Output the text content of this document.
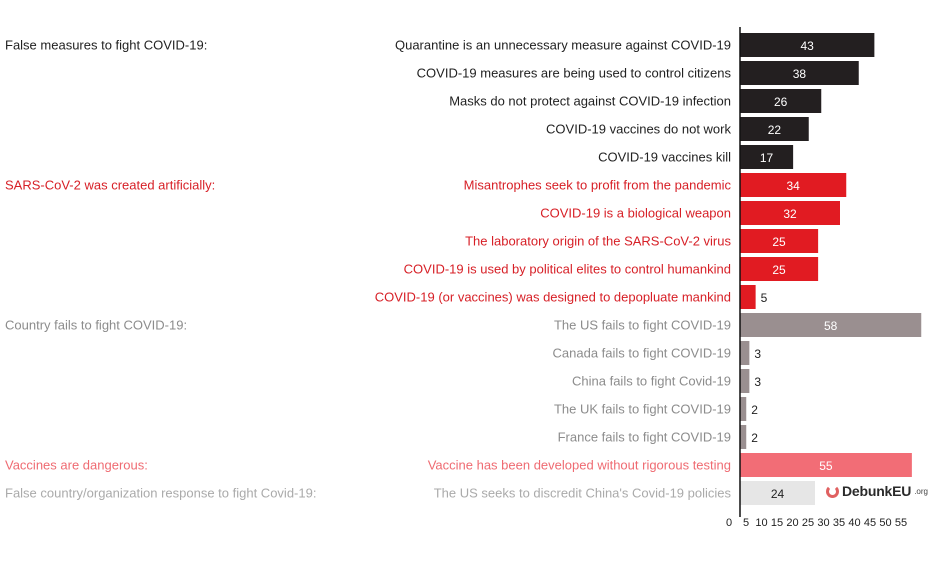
False measures to fight COVID-19:	Quarantine is an unnecessary measure against COVID-19	43
COVID-19 measures are being used to control citizens	38
Masks do not protect against COVID-19 infection	26
COVID-19 vaccines do not work	22
COVID-19 vaccines kill 17
SARS-CoV-2 was created artificially:	Misantrophes seek to profit from the pandemic	34
COVID-19 is a biological weapon	32
The laboratory origin of the SARS-CoV-2 virus	25
COVID-19 is used by political elites to control humankind	25
COVID-19 (or vaccines) was designed to depopluate mankind 5
Country fails to fight COVID-19:	The US fails to fight COVID-19	58
Canada fails to fight COVID-19 3
China fails to fight Covid-19 3
The UK fails to fight COVID-19 2
France fails to fight COVID-19 2
Vaccines are dangerous:	Vaccine has been developed without rigorous testing	55
False country/organization response to fight Covid-19:	The US seeks to discredit China's Covid-19 policies	24
0 5 10 15 20 25 30 35 40 45 50 55
DebunkEU .org
